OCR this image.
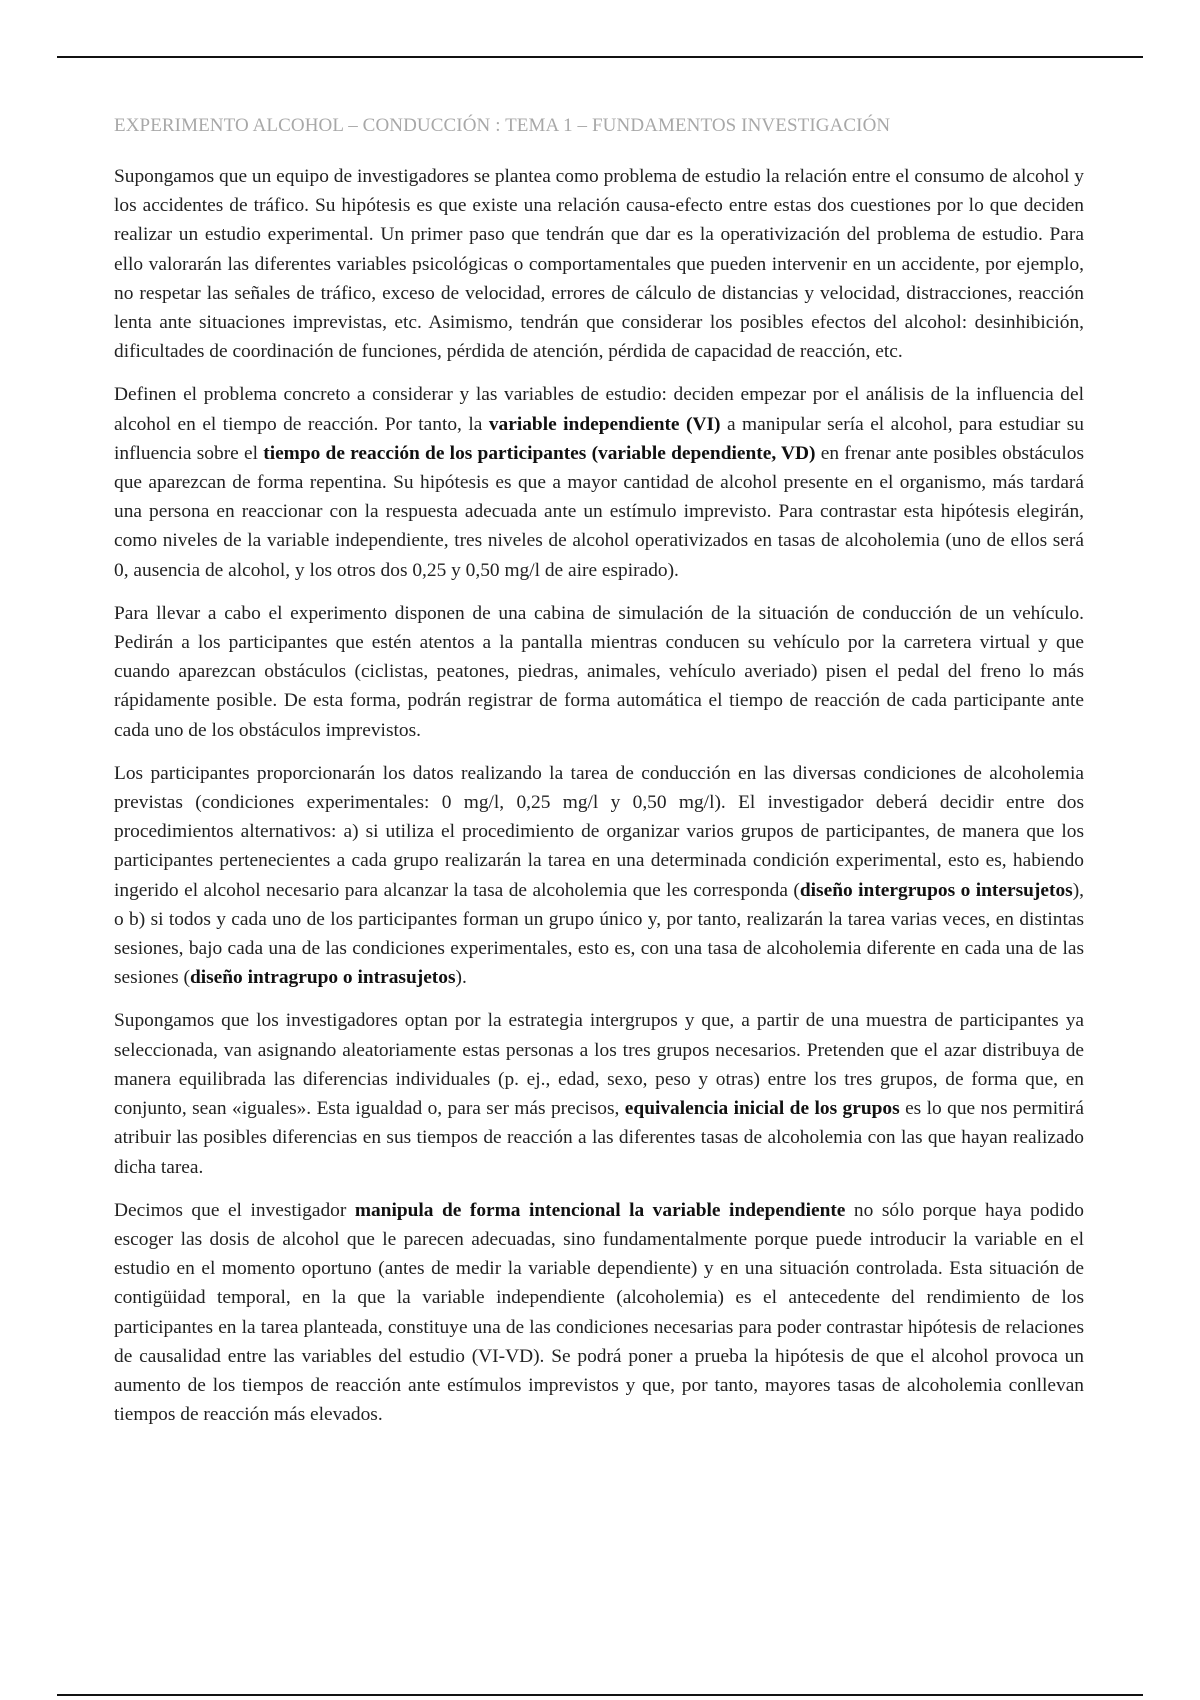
EXPERIMENTO ALCOHOL – CONDUCCIÓN : TEMA 1 – FUNDAMENTOS INVESTIGACIÓN

Supongamos que un equipo de investigadores se plantea como problema de estudio la relación entre el consumo de alcohol y los accidentes de tráfico. Su hipótesis es que existe una relación causa-efecto entre estas dos cuestiones por lo que deciden realizar un estudio experimental. Un primer paso que tendrán que dar es la operativización del problema de estudio. Para ello valorarán las diferentes variables psicológicas o comportamentales que pueden intervenir en un accidente, por ejemplo, no respetar las señales de tráfico, exceso de velocidad, errores de cálculo de distancias y velocidad, distracciones, reacción lenta ante situaciones imprevistas, etc. Asimismo, tendrán que considerar los posibles efectos del alcohol: desinhibición, dificultades de coordinación de funciones, pérdida de atención, pérdida de capacidad de reacción, etc.

Definen el problema concreto a considerar y las variables de estudio: deciden empezar por el análisis de la influencia del alcohol en el tiempo de reacción. Por tanto, la variable independiente (VI) a manipular sería el alcohol, para estudiar su influencia sobre el tiempo de reacción de los participantes (variable dependiente, VD) en frenar ante posibles obstáculos que aparezcan de forma repentina. Su hipótesis es que a mayor cantidad de alcohol presente en el organismo, más tardará una persona en reaccionar con la respuesta adecuada ante un estímulo imprevisto. Para contrastar esta hipótesis elegirán, como niveles de la variable independiente, tres niveles de alcohol operativizados en tasas de alcoholemia (uno de ellos será 0, ausencia de alcohol, y los otros dos 0,25 y 0,50 mg/l de aire espirado).

Para llevar a cabo el experimento disponen de una cabina de simulación de la situación de conducción de un vehículo. Pedirán a los participantes que estén atentos a la pantalla mientras conducen su vehículo por la carretera virtual y que cuando aparezcan obstáculos (ciclistas, peatones, piedras, animales, vehículo averiado) pisen el pedal del freno lo más rápidamente posible. De esta forma, podrán registrar de forma automática el tiempo de reacción de cada participante ante cada uno de los obstáculos imprevistos.

Los participantes proporcionarán los datos realizando la tarea de conducción en las diversas condiciones de alcoholemia previstas (condiciones experimentales: 0 mg/l, 0,25 mg/l y 0,50 mg/l). El investigador deberá decidir entre dos procedimientos alternativos: a) si utiliza el procedimiento de organizar varios grupos de participantes, de manera que los participantes pertenecientes a cada grupo realizarán la tarea en una determinada condición experimental, esto es, habiendo ingerido el alcohol necesario para alcanzar la tasa de alcoholemia que les corresponda (diseño intergrupos o intersujetos), o b) si todos y cada uno de los participantes forman un grupo único y, por tanto, realizarán la tarea varias veces, en distintas sesiones, bajo cada una de las condiciones experimentales, esto es, con una tasa de alcoholemia diferente en cada una de las sesiones (diseño intragrupo o intrasujetos).

Supongamos que los investigadores optan por la estrategia intergrupos y que, a partir de una muestra de participantes ya seleccionada, van asignando aleatoriamente estas personas a los tres grupos necesarios. Pretenden que el azar distribuya de manera equilibrada las diferencias individuales (p. ej., edad, sexo, peso y otras) entre los tres grupos, de forma que, en conjunto, sean «iguales». Esta igualdad o, para ser más precisos, equivalencia inicial de los grupos es lo que nos permitirá atribuir las posibles diferencias en sus tiempos de reacción a las diferentes tasas de alcoholemia con las que hayan realizado dicha tarea.

Decimos que el investigador manipula de forma intencional la variable independiente no sólo porque haya podido escoger las dosis de alcohol que le parecen adecuadas, sino fundamentalmente porque puede introducir la variable en el estudio en el momento oportuno (antes de medir la variable dependiente) y en una situación controlada. Esta situación de contigüidad temporal, en la que la variable independiente (alcoholemia) es el antecedente del rendimiento de los participantes en la tarea planteada, constituye una de las condiciones necesarias para poder contrastar hipótesis de relaciones de causalidad entre las variables del estudio (VI-VD). Se podrá poner a prueba la hipótesis de que el alcohol provoca un aumento de los tiempos de reacción ante estímulos imprevistos y que, por tanto, mayores tasas de alcoholemia conllevan tiempos de reacción más elevados.
